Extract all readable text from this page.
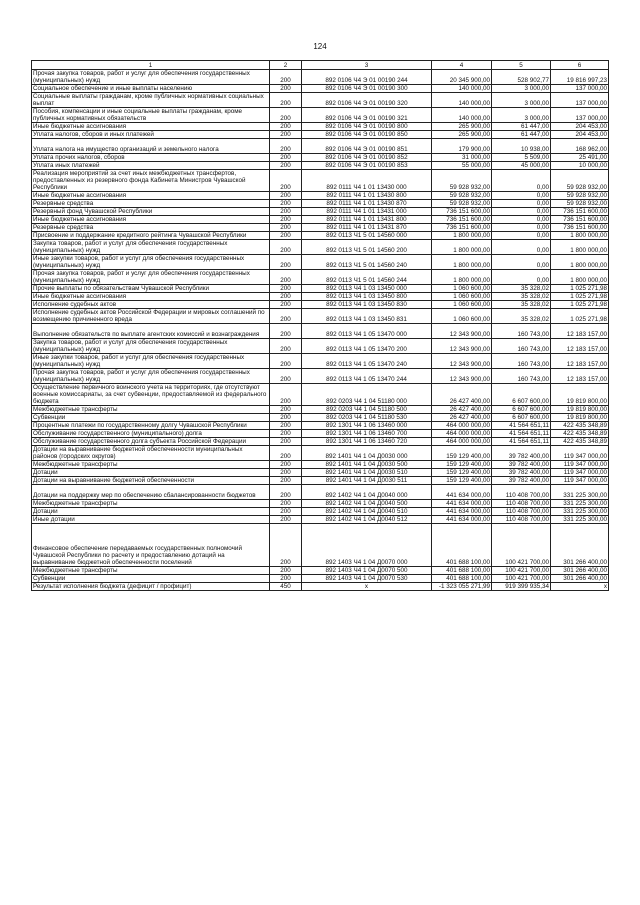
124
1	2	3	4	5	6
Прочая закупка товаров, работ и услуг для обеспечения государственных (муниципальных) нужд	200	892 0106 Ч4 Э 01 00190 244	20 345 900,00	528 902,77	19 816 997,23
Социальное обеспечение и иные выплаты населению	200	892 0106 Ч4 Э 01 00190 300	140 000,00	3 000,00	137 000,00
Социальные выплаты гражданам, кроме публичных нормативных социальных выплат	200	892 0106 Ч4 Э 01 00190 320	140 000,00	3 000,00	137 000,00
Пособия, компенсации и иные социальные выплаты гражданам, кроме публичных нормативных обязательств	200	892 0106 Ч4 Э 01 00190 321	140 000,00	3 000,00	137 000,00
Иные бюджетные ассигнования	200	892 0106 Ч4 Э 01 00190 800	265 900,00	61 447,00	204 453,00
Уплата налогов, сборов и иных платежей	200	892 0106 Ч4 Э 01 00190 850	265 900,00	61 447,00	204 453,00
Уплата налога на имущество организаций и земельного налога	200	892 0106 Ч4 Э 01 00190 851	179 900,00	10 938,00	168 962,00
Уплата прочих налогов, сборов	200	892 0106 Ч4 Э 01 00190 852	31 000,00	5 509,00	25 491,00
Уплата иных платежей	200	892 0106 Ч4 Э 01 00190 853	55 000,00	45 000,00	10 000,00
Реализация мероприятий за счет иных межбюджетных трансфертов, предоставленных из резервного фонда Кабинета Министров Чувашской Республики	200	892 0111 Ч4 1 01 13430 000	59 928 932,00	0,00	59 928 932,00
Иные бюджетные ассигнования	200	892 0111 Ч4 1 01 13430 800	59 928 932,00	0,00	59 928 932,00
Резервные средства	200	892 0111 Ч4 1 01 13430 870	59 928 932,00	0,00	59 928 932,00
Резервный фонд Чувашской Республики	200	892 0111 Ч4 1 01 13431 000	736 151 600,00	0,00	736 151 600,00
Иные бюджетные ассигнования	200	892 0111 Ч4 1 01 13431 800	736 151 600,00	0,00	736 151 600,00
Резервные средства	200	892 0111 Ч4 1 01 13431 870	736 151 600,00	0,00	736 151 600,00
Присвоение и поддержание кредитного рейтинга Чувашской Республики	200	892 0113 Ч1 5 01 14560 000	1 800 000,00	0,00	1 800 000,00
Закупка товаров, работ и услуг для обеспечения государственных (муниципальных) нужд	200	892 0113 Ч1 5 01 14560 200	1 800 000,00	0,00	1 800 000,00
Иные закупки товаров, работ и услуг для обеспечения государственных (муниципальных) нужд	200	892 0113 Ч1 5 01 14560 240	1 800 000,00	0,00	1 800 000,00
Прочая закупка товаров, работ и услуг для обеспечения государственных (муниципальных) нужд	200	892 0113 Ч1 5 01 14560 244	1 800 000,00	0,00	1 800 000,00
Прочие выплаты по обязательствам Чувашской Республики	200	892 0113 Ч4 1 03 13450 000	1 060 600,00	35 328,02	1 025 271,98
Иные бюджетные ассигнования	200	892 0113 Ч4 1 03 13450 800	1 060 600,00	35 328,02	1 025 271,98
Исполнение судебных актов	200	892 0113 Ч4 1 03 13450 830	1 060 600,00	35 328,02	1 025 271,98
Исполнение судебных актов Российской Федерации и мировых соглашений по возмещению причиненного вреда	200	892 0113 Ч4 1 03 13450 831	1 060 600,00	35 328,02	1 025 271,98
Выполнение обязательств по выплате агентских комиссий и вознаграждения	200	892 0113 Ч4 1 05 13470 000	12 343 900,00	160 743,00	12 183 157,00
Закупка товаров, работ и услуг для обеспечения государственных (муниципальных) нужд	200	892 0113 Ч4 1 05 13470 200	12 343 900,00	160 743,00	12 183 157,00
Иные закупки товаров, работ и услуг для обеспечения государственных (муниципальных) нужд	200	892 0113 Ч4 1 05 13470 240	12 343 900,00	160 743,00	12 183 157,00
Прочая закупка товаров, работ и услуг для обеспечения государственных (муниципальных) нужд	200	892 0113 Ч4 1 05 13470 244	12 343 900,00	160 743,00	12 183 157,00
Осуществление первичного воинского учета на территориях, где отсутствуют военные комиссариаты, за счет субвенции, предоставляемой из федерального бюджета	200	892 0203 Ч4 1 04 51180 000	26 427 400,00	6 607 600,00	19 819 800,00
Межбюджетные трансферты	200	892 0203 Ч4 1 04 51180 500	26 427 400,00	6 607 600,00	19 819 800,00
Субвенции	200	892 0203 Ч4 1 04 51180 530	26 427 400,00	6 607 600,00	19 819 800,00
Процентные платежи по государственному долгу Чувашской Республики	200	892 1301 Ч4 1 06 13460 000	464 000 000,00	41 564 651,11	422 435 348,89
Обслуживание государственного (муниципального) долга	200	892 1301 Ч4 1 06 13460 700	464 000 000,00	41 564 651,11	422 435 348,89
Обслуживание государственного долга субъекта Российской Федерации	200	892 1301 Ч4 1 06 13460 720	464 000 000,00	41 564 651,11	422 435 348,89
Дотации на выравнивание бюджетной обеспеченности муниципальных районов (городских округов)	200	892 1401 Ч4 1 04 Д0030 000	159 129 400,00	39 782 400,00	119 347 000,00
Межбюджетные трансферты	200	892 1401 Ч4 1 04 Д0030 500	159 129 400,00	39 782 400,00	119 347 000,00
Дотации	200	892 1401 Ч4 1 04 Д0030 510	159 129 400,00	39 782 400,00	119 347 000,00
Дотации на выравнивание бюджетной обеспеченности	200	892 1401 Ч4 1 04 Д0030 511	159 129 400,00	39 782 400,00	119 347 000,00
Дотации на поддержку мер по обеспечению сбалансированности бюджетов	200	892 1402 Ч4 1 04 Д0040 000	441 634 000,00	110 408 700,00	331 225 300,00
Межбюджетные трансферты	200	892 1402 Ч4 1 04 Д0040 500	441 634 000,00	110 408 700,00	331 225 300,00
Дотации	200	892 1402 Ч4 1 04 Д0040 510	441 634 000,00	110 408 700,00	331 225 300,00
Иные дотации	200	892 1402 Ч4 1 04 Д0040 512	441 634 000,00	110 408 700,00	331 225 300,00
Финансовое обеспечение передаваемых государственных полномочий Чувашской Республики по расчету и предоставлению дотаций на выравнивание бюджетной обеспеченности поселений	200	892 1403 Ч4 1 04 Д0070 000	401 688 100,00	100 421 700,00	301 266 400,00
Межбюджетные трансферты	200	892 1403 Ч4 1 04 Д0070 500	401 688 100,00	100 421 700,00	301 266 400,00
Субвенции	200	892 1403 Ч4 1 04 Д0070 530	401 688 100,00	100 421 700,00	301 266 400,00
Результат исполнения бюджета (дефицит / профицит)	450	х	-1 323 055 271,99	919 399 935,34	х
